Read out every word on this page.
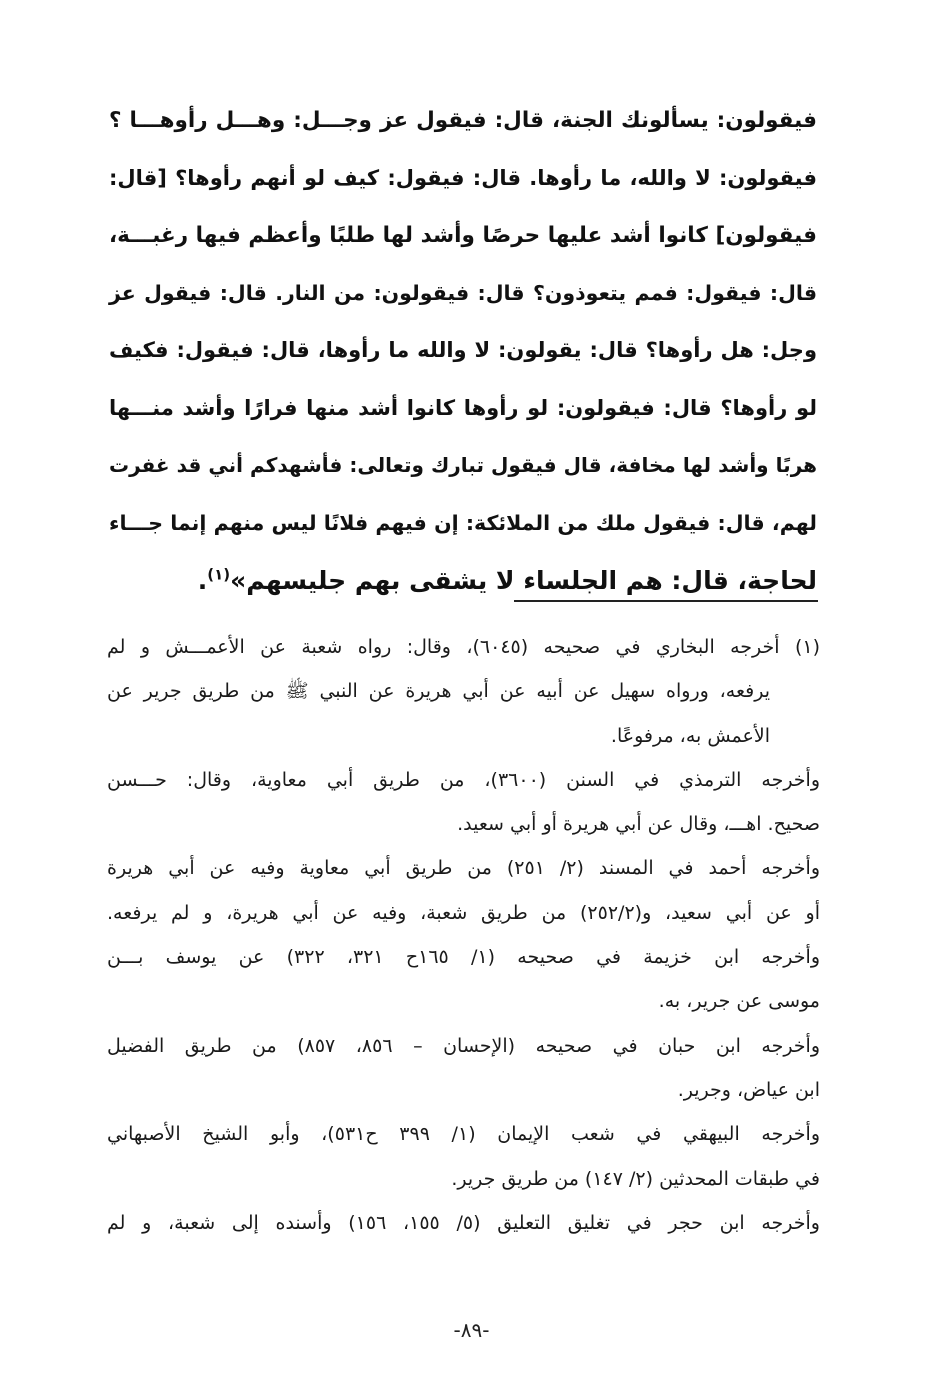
فيقولون: يسألونك الجنة، قال: فيقول عز وجـــل: وهـــل رأوهـــا ؟
فيقولون: لا والله، ما رأوها. قال: فيقول: كيف لو أنهم رأوها؟ [قال:
فيقولون] كانوا أشد عليها حرصًا وأشد لها طلبًا وأعظم فيها رغبـــة،
قال: فيقول: فمم يتعوذون؟ قال: فيقولون: من النار. قال: فيقول عز
وجل: هل رأوها؟ قال: يقولون: لا والله ما رأوها، قال: فيقول: فكيف
لو رأوها؟ قال: فيقولون: لو رأوها كانوا أشد منها فرارًا وأشد منـــها
هربًا وأشد لها مخافة، قال فيقول تبارك وتعالى: فأشهدكم أني قد غفرت
لهم، قال: فيقول ملك من الملائكة: إن فيهم فلانًا ليس منهم إنما جـــاء
لحاجة، قال: هم الجلساء لا يشقى بهم جليسهم»$^{(١)}$.
(١) أخرجه البخاري في صحيحه (٦٠٤٥)، وقال: رواه شعبة عن الأعمـــش و لم
يرفعه، ورواه سهيل عن أبيه عن أبي هريرة عن النبي ﷺ من طريق جرير عن
الأعمش به، مرفوعًا.
وأخرجه الترمذي في السنن (٣٦٠٠)، من طريق أبي معاوية، وقال: حـــسن
صحيح. اهـــ، وقال عن أبي هريرة أو أبي سعيد.
وأخرجه أحمد في المسند (٢/ ٢٥١) من طريق أبي معاوية وفيه عن أبي هريرة
أو عن أبي سعيد، و(٢٥٢/٢) من طريق شعبة، وفيه عن أبي هريرة، و لم يرفعه.
وأخرجه ابن خزيمة في صحيحه (١/ ١٦٥ح ٣٢١، ٣٢٢) عن يوسف بـــن
موسى عن جرير، به.
وأخرجه ابن حبان في صحيحه (الإحسان – ٨٥٦، ٨٥٧) من طريق الفضيل
ابن عياض، وجرير.
وأخرجه البيهقي في شعب الإيمان (١/ ٣٩٩ ح٥٣١)، وأبو الشيخ الأصبهاني
في طبقات المحدثين (٢/ ١٤٧) من طريق جرير.
وأخرجه ابن حجر في تغليق التعليق (٥/ ١٥٥، ١٥٦) وأسنده إلى شعبة، و لم
-٨٩-
